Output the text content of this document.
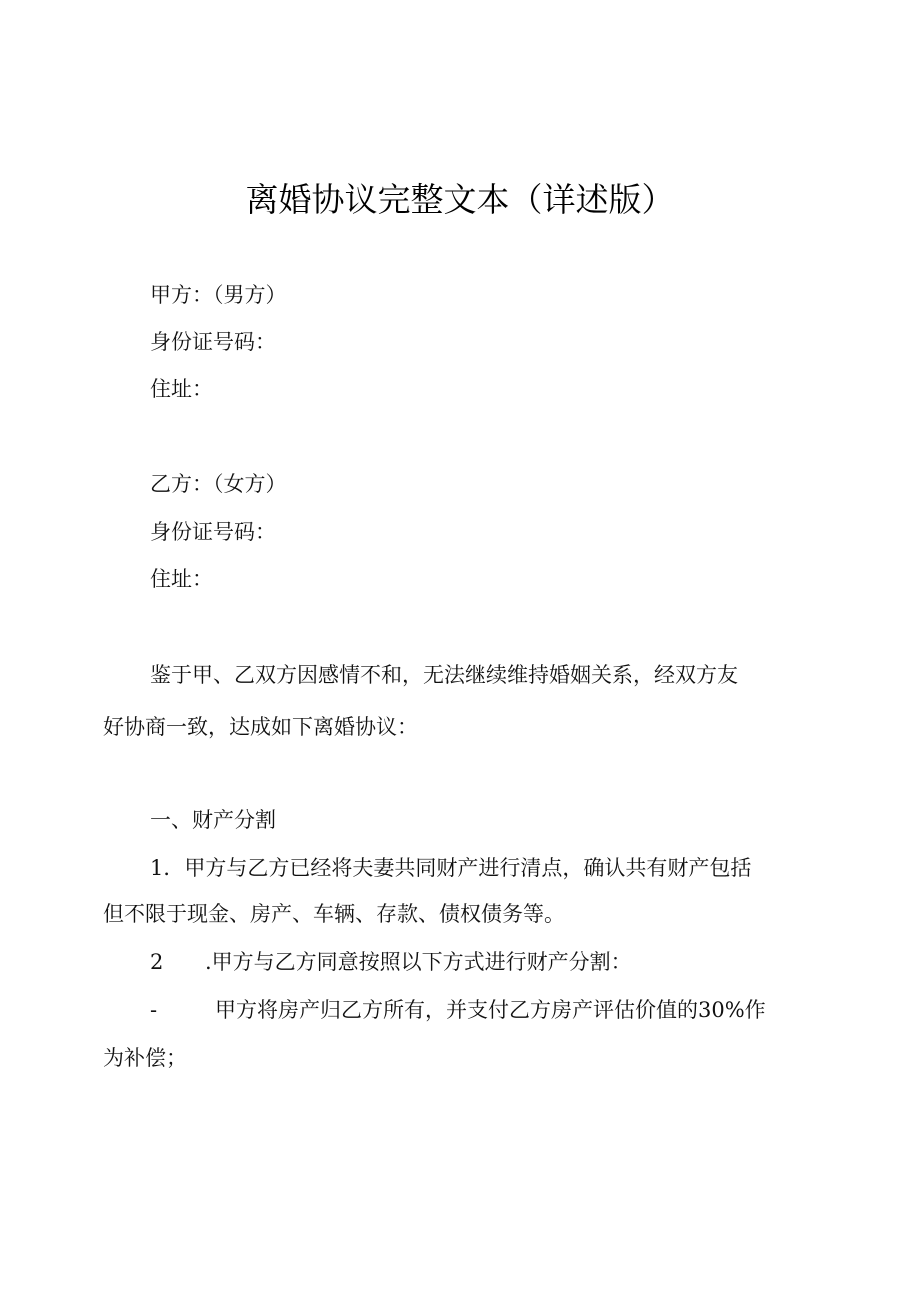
离婚协议完整文本（详述版）
甲方：（男方）
身份证号码：
住址：
乙方：（女方）
身份证号码：
住址：
鉴于甲、乙双方因感情不和，无法继续维持婚姻关系，经双方友
好协商一致，达成如下离婚协议：
一、财产分割
1．甲方与乙方已经将夫妻共同财产进行清点，确认共有财产包括
但不限于现金、房产、车辆、存款、债权债务等。
2 .甲方与乙方同意按照以下方式进行财产分割：
-	甲方将房产归乙方所有，并支付乙方房产评估价值的30%作
为补偿；
